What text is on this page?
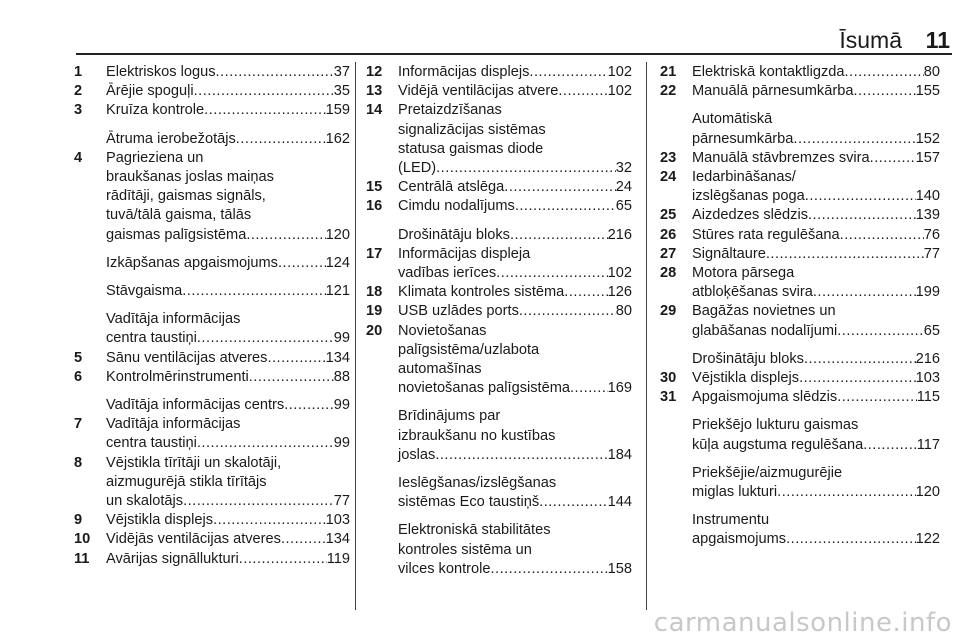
Īsumā 11
1 Elektriskos logus .....	37
2 Ārējie spoguļi .....	35
3 Kruīza kontrole .....	159
Ātruma ierobežotājs .....	162
4 Pagrieziena un
braukšanas joslas maiņas
rādītāji, gaismas signāls,
tuvā/tālā gaisma, tālās
gaismas palīgsistēma .....	120
Izkāpšanas apgaismojums .....	124
Stāvgaisma .....	121
Vadītāja informācijas
centra taustiņi .....	99
5 Sānu ventilācijas atveres .....	134
6 Kontrolmērinstrumenti .....	88
Vadītāja informācijas centrs .....	99
7 Vadītāja informācijas
centra taustiņi .....	99
8 Vējstikla tīrītāji un skalotāji,
aizmugurējā stikla tīrītājs
un skalotājs .....	77
9 Vējstikla displejs .....	103
10 Vidējās ventilācijas atveres .....	134
11 Avārijas signāllukturi .....	119
12 Informācijas displejs .....	102
13 Vidējā ventilācijas atvere .....	102
14 Pretaizdzīšanas
signalizācijas sistēmas
statusa gaismas diode
(LED) .....	32
15 Centrālā atslēga .....	24
16 Cimdu nodalījums .....	65
Drošinātāju bloks .....	216
17 Informācijas displeja
vadības ierīces .....	102
18 Klimata kontroles sistēma .....	126
19 USB uzlādes ports .....	80
20 Novietošanas
palīgsistēma/uzlabota
automašīnas
novietošanas palīgsistēma .....	169
Brīdinājums par
izbraukšanu no kustības
joslas .....	184
Ieslēgšanas/izslēgšanas
sistēmas Eco taustiņš .....	144
Elektroniskā stabilitātes
kontroles sistēma un
vilces kontrole .....	158
21 Elektriskā kontaktligzda .....	80
22 Manuālā pārnesumkārba .....	155
Automātiskā
pārnesumkārba .....	152
23 Manuālā stāvbremzes svira .....	157
24 Iedarbināšanas/
izslēgšanas poga .....	140
25 Aizdedzes slēdzis .....	139
26 Stūres rata regulēšana .....	76
27 Signāltaure .....	77
28 Motora pārsega
atbloķēšanas svira .....	199
29 Bagāžas novietnes un
glabāšanas nodalījumi .....	65
Drošinātāju bloks .....	216
30 Vējstikla displejs .....	103
31 Apgaismojuma slēdzis .....	115
Priekšējo lukturu gaismas
kūļa augstuma regulēšana .....	117
Priekšējie/aizmugurējie
miglas lukturi .....	120
Instrumentu
apgaismojums .....	122
carmanualsonline.info
